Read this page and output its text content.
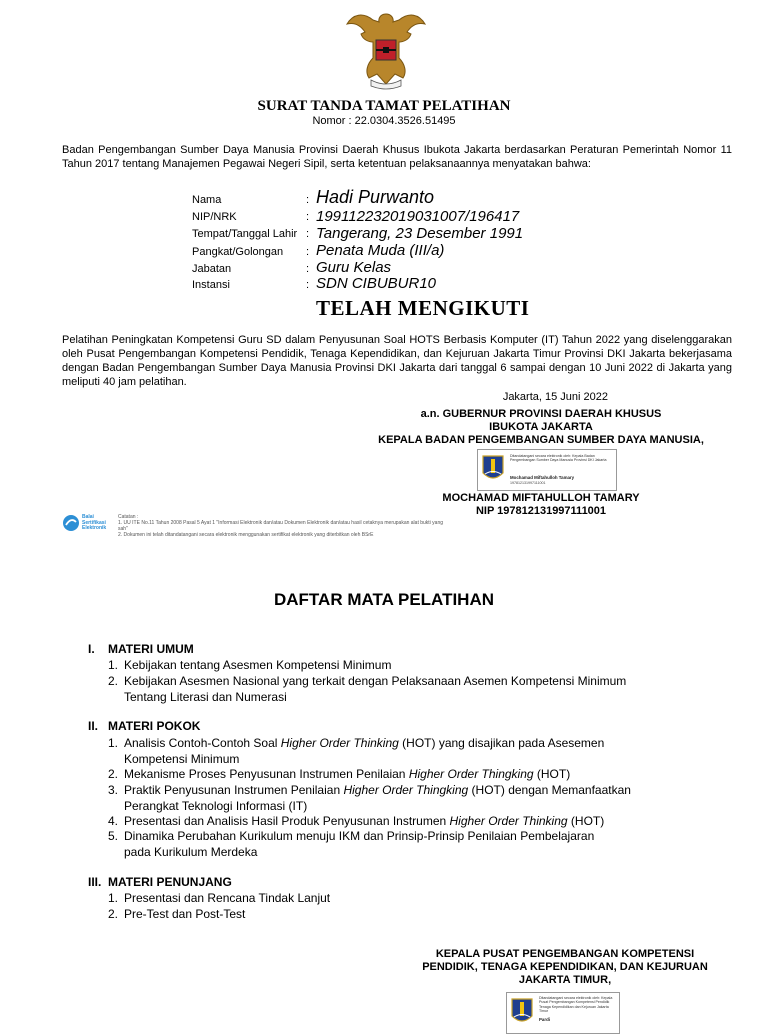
SURAT TANDA TAMAT PELATIHAN
Nomor : 22.0304.3526.51495
Badan Pengembangan Sumber Daya Manusia Provinsi Daerah Khusus Ibukota Jakarta berdasarkan Peraturan Pemerintah Nomor 11 Tahun 2017 tentang Manajemen Pegawai Negeri Sipil, serta ketentuan pelaksanaannya menyatakan bahwa:
Nama	: Hadi Purwanto
NIP/NRK	: 199112232019031007/196417
Tempat/Tanggal Lahir : Tangerang, 23 Desember 1991
Pangkat/Golongan : Penata Muda (III/a)
Jabatan	: Guru Kelas
Instansi	: SDN CIBUBUR10
TELAH MENGIKUTI
Pelatihan Peningkatan Kompetensi Guru SD dalam Penyusunan Soal HOTS Berbasis Komputer (IT) Tahun 2022 yang diselenggarakan oleh Pusat Pengembangan Kompetensi Pendidik, Tenaga Kependidikan, dan Kejuruan Jakarta Timur Provinsi DKI Jakarta bekerjasama dengan Badan Pengembangan Sumber Daya Manusia Provinsi DKI Jakarta dari tanggal 6 sampai dengan 10 Juni 2022 di Jakarta yang meliputi 40 jam pelatihan.
Jakarta, 15 Juni 2022
a.n. GUBERNUR PROVINSI DAERAH KHUSUS
IBUKOTA JAKARTA
KEPALA BADAN PENGEMBANGAN SUMBER DAYA MANUSIA,
Ditandatangani secara elektronik oleh: Kepala Badan Pengembangan Sumber Daya Manusia Provinsi DKI Jakarta
Mochamad Miftahulloh Tamary
197812131997111001
MOCHAMAD MIFTAHULLOH TAMARY
NIP 197812131997111001
Balai
Sertifikasi
Elektronik
Catatan :
1. UU ITE No.11 Tahun 2008 Pasal 5 Ayat 1 "Informasi Elektronik dan/atau Dokumen Elektronik dan/atau hasil cetaknya merupakan alat bukti yang sah"
2. Dokumen ini telah ditandatangani secara elektronik menggunakan sertifikat elektronik yang diterbitkan oleh BSrE
DAFTAR MATA PELATIHAN
I. MATERI UMUM
1. Kebijakan tentang Asesmen Kompetensi Minimum
2. Kebijakan Asesmen Nasional yang terkait dengan Pelaksanaan Asemen Kompetensi Minimum
Tentang Literasi dan Numerasi
II. MATERI POKOK
1. Analisis Contoh-Contoh Soal Higher Order Thinking (HOT) yang disajikan pada Asesemen
Kompetensi Minimum
2. Mekanisme Proses Penyusunan Instrumen Penilaian Higher Order Thingking (HOT)
3. Praktik Penyusunan Instrumen Penilaian Higher Order Thingking (HOT) dengan Memanfaatkan
Perangkat Teknologi Informasi (IT)
4. Presentasi dan Analisis Hasil Produk Penyusunan Instrumen Higher Order Thinking (HOT)
5. Dinamika Perubahan Kurikulum menuju IKM dan Prinsip-Prinsip Penilaian Pembelajaran
pada Kurikulum Merdeka
III. MATERI PENUNJANG
1. Presentasi dan Rencana Tindak Lanjut
2. Pre-Test dan Post-Test
KEPALA PUSAT PENGEMBANGAN KOMPETENSI
PENDIDIK, TENAGA KEPENDIDIKAN, DAN KEJURUAN
JAKARTA TIMUR,
Ditandatangani secara elektronik oleh: Kepala Pusat Pengembangan Kompetensi Pendidik Tenaga Kependidikan dan Kejuruan Jakarta Timur
Pardi
